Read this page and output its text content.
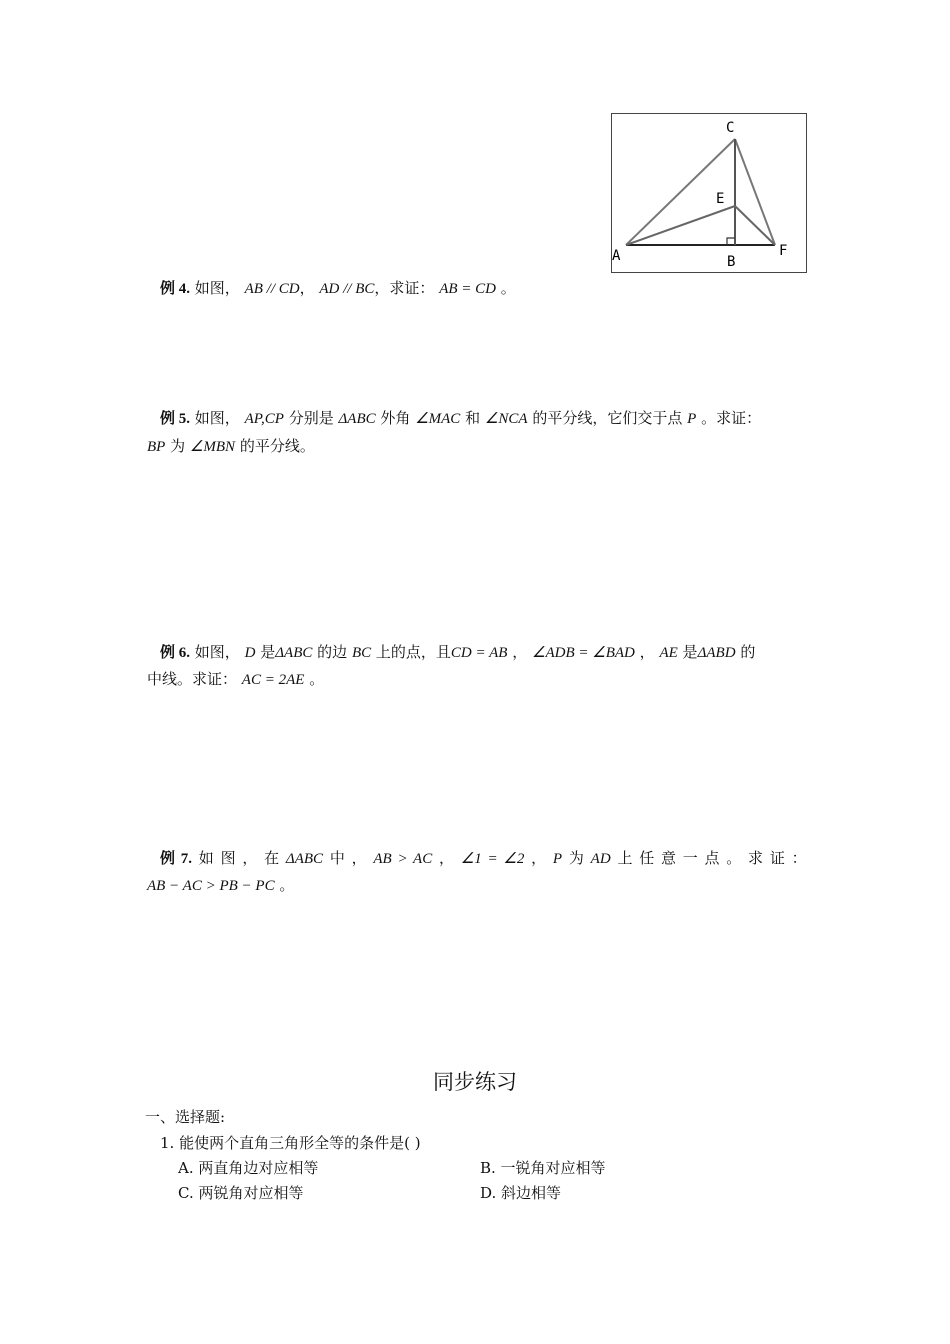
C
E
A	B
F
例 4. 如图， AB // CD， AD // BC，求证： AB = CD 。
例 5. 如图， AP,CP 分别是 ΔABC 外角 ∠MAC 和 ∠NCA 的平分线，它们交于点 P 。求证：
BP 为 ∠MBN 的平分线。
例 6. 如图， D 是ΔABC 的边 BC 上的点，且CD = AB ， ∠ADB = ∠BAD ， AE 是ΔABD 的
中线。求证： AC = 2AE 。
例 7. 如 图 ， 在 ΔABC 中 ， AB > AC ， ∠1 = ∠2 ， P 为 AD 上 任 意 一 点 。 求 证 ：
AB − AC > PB − PC 。
同步练习
一、选择题:
1. 能使两个直角三角形全等的条件是( )
A. 两直角边对应相等	B. 一锐角对应相等
C. 两锐角对应相等	D. 斜边相等
